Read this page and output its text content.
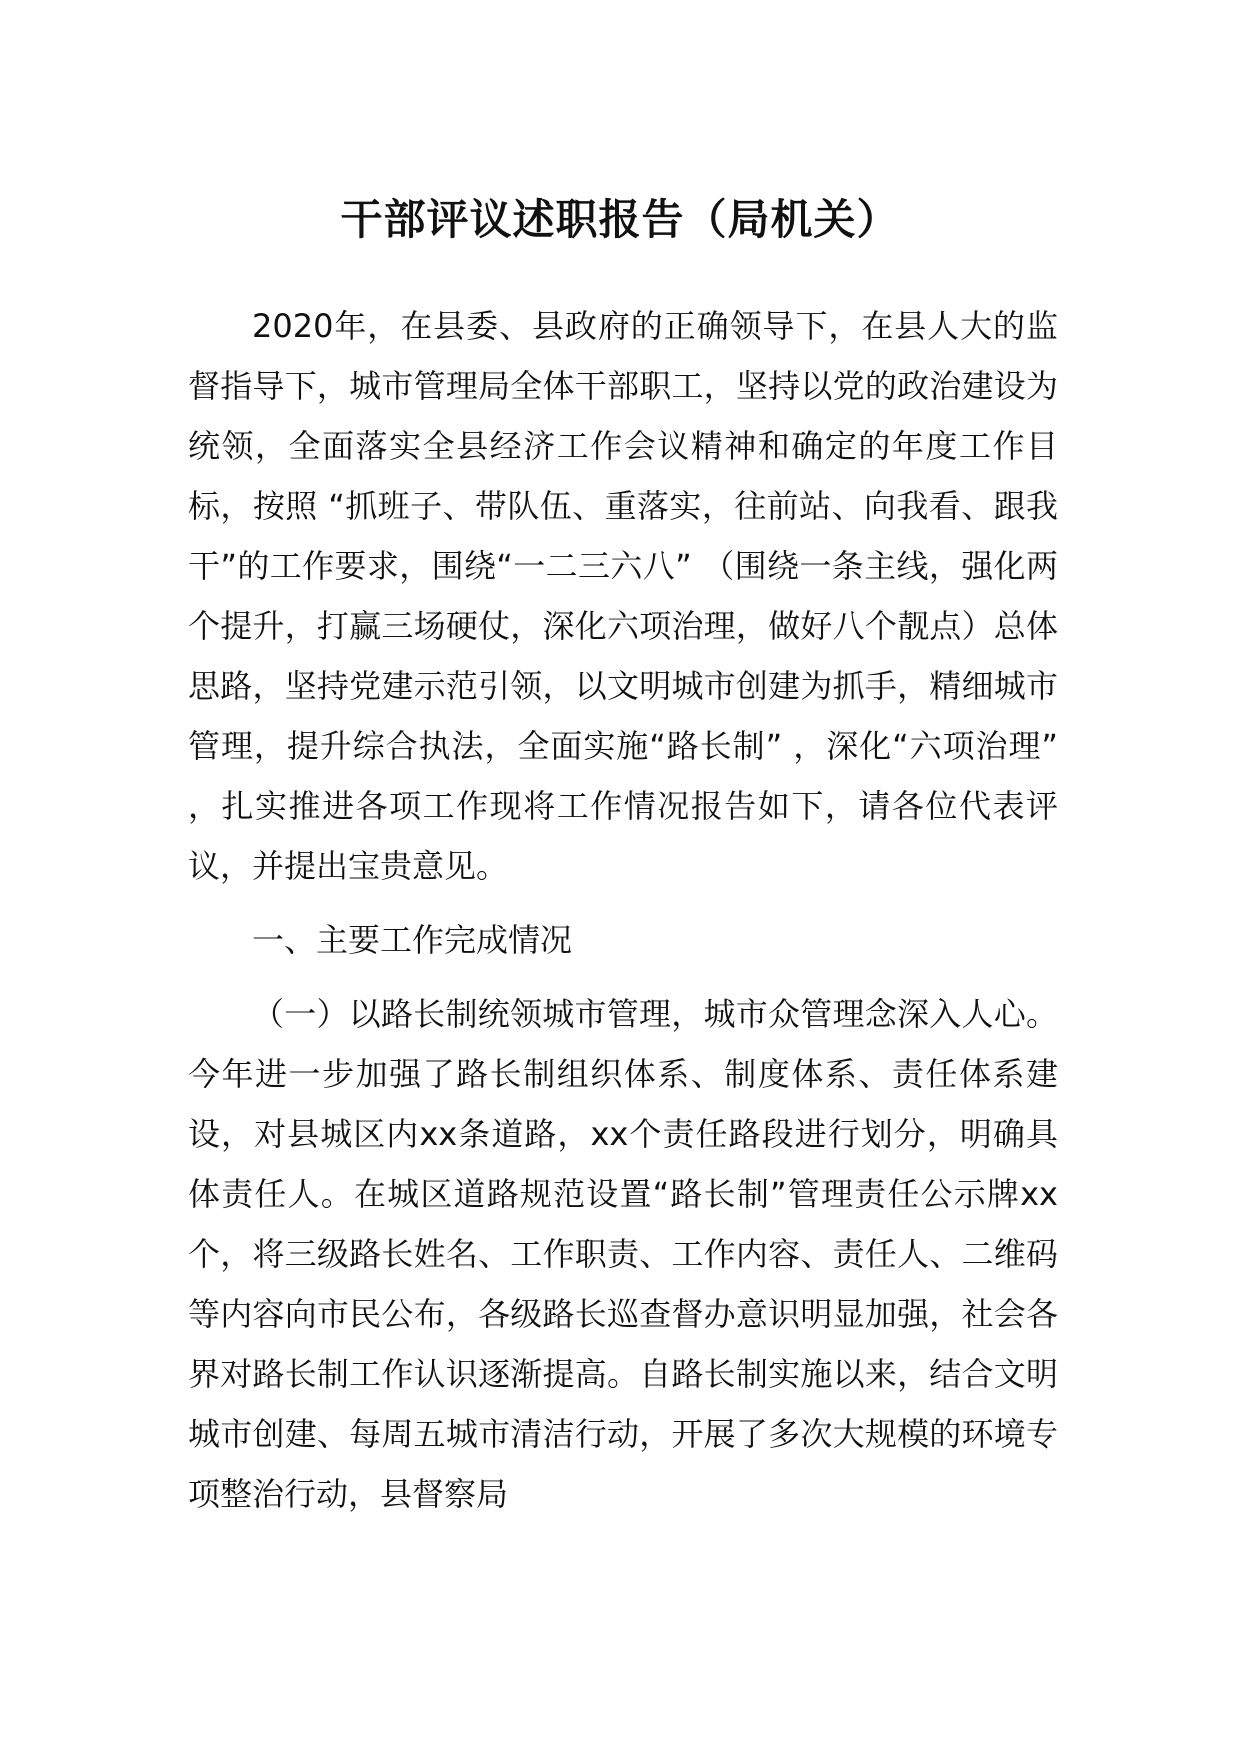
干部评议述职报告（局机关）

2020年，在县委、县政府的正确领导下，在县人大的监督指导下，城市管理局全体干部职工，坚持以党的政治建设为统领，全面落实全县经济工作会议精神和确定的年度工作目标，按照 “抓班子、带队伍、重落实，往前站、向我看、跟我干”的工作要求，围绕“一二三六八” （围绕一条主线，强化两个提升，打赢三场硬仗，深化六项治理，做好八个靓点）总体思路，坚持党建示范引领，以文明城市创建为抓手，精细城市管理，提升综合执法，全面实施“路长制” ，深化“六项治理” ，扎实推进各项工作现将工作情况报告如下，请各位代表评议，并提出宝贵意见。

一、主要工作完成情况

（一）以路长制统领城市管理，城市众管理念深入人心。今年进一步加强了路长制组织体系、制度体系、责任体系建设，对县城区内xx条道路，xx个责任路段进行划分，明确具体责任人。在城区道路规范设置“路长制”管理责任公示牌xx个，将三级路长姓名、工作职责、工作内容、责任人、二维码等内容向市民公布，各级路长巡查督办意识明显加强，社会各界对路长制工作认识逐渐提高。自路长制实施以来，结合文明城市创建、每周五城市清洁行动，开展了多次大规模的环境专项整治行动，县督察局
